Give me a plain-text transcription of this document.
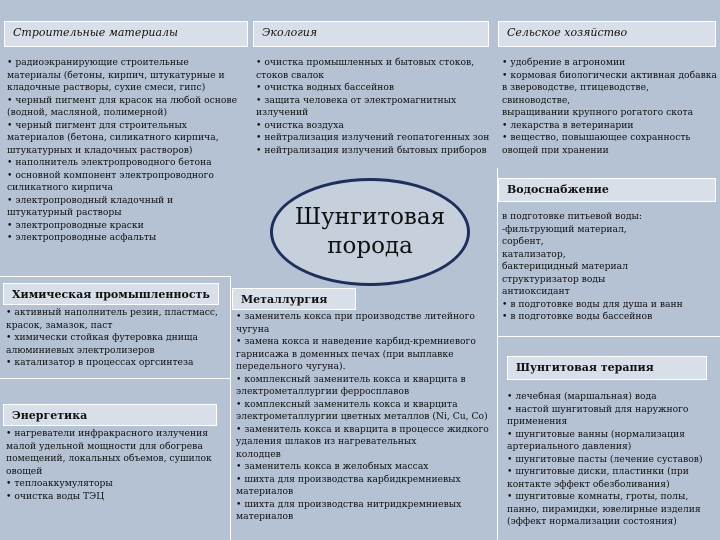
Строительные материалы
• радиоэкранирующие строительные
материалы (бетоны, кирпич, штукатурные и
кладочные растворы, сухие смеси, гипс)
• черный пигмент для красок на любой основе
(водной, масляной, полимерной)
• черный пигмент для строительных
материалов (бетона, силикатного кирпича,
штукатурных и кладочных растворов)
• наполнитель электропроводного бетона
• основной компонент электропроводного
силикатного кирпича
• электропроводный кладочный и
штукатурный растворы
• электропроводные краски
• электропроводные асфальты
Экология
• очистка промышленных и бытовых стоков,
стоков свалок
• очистка водных бассейнов
• защита человека от электромагнитных
излучений
• очистка воздуха
• нейтрализация излучений геопатогенных зон
• нейтрализация излучений бытовых приборов
Сельское хозяйство
• удобрение в агрономии
• кормовая биологически активная добавка
в звероводстве, птицеводстве, свиноводстве,
выращивании крупного рогатого скота
• лекарства в ветеринарии
• вещество, повышающее сохранность
овощей при хранении
Шунгитовая
порода
Водоснабжение
в подготовке питьевой воды:
-фильтрующий материал,
сорбент,
катализатор,
бактерицидный материал
структуризатор воды
антиоксидант
• в подготовке воды для душа и ванн
• в подготовке воды бассейнов
Химическая промышленность
• активный наполнитель резин, пластмасс,
красок, замазок, паст
• химически стойкая футеровка днища
алюминиевых электролизеров
• катализатор в процессах оргсинтеза
Металлургия
• заменитель кокса при производстве литейного
чугуна
• замена кокса и наведение карбид-кремниевого
гарнисажа в доменных печах (при выплавке
передельного чугуна).
• комплексный заменитель кокса и кварцита в
электрометаллургии ферросплавов
• комплексный заменитель кокса и кварцита
электрометаллургии цветных металлов (Ni, Cu, Co)
• заменитель кокса и кварцита в процессе жидкого
удаления шлаков из нагревательных
колодцев
• заменитель кокса в желобных массах
• шихта для производства карбидкремниевых
материалов
• шихта для производства нитридкремниевых
материалов
Энергетика
• нагреватели инфракрасного излучения
малой удельной мощности для обогрева
помещений, локальных объемов, сушилок
овощей
• теплоаккумуляторы
• очистка воды ТЭЦ
Шунгитовая терапия
• лечебная (маршальная) вода
• настой шунгитовый для наружного
применения
• шунгитовые ванны (нормализация
артериального давления)
• шунгитовые пасты (лечение суставов)
• шунгитовые диски, пластинки (при
контакте эффект обезболивания)
• шунгитовые комнаты, гроты, полы,
панно, пирамидки, ювелирные изделия
(эффект нормализации состояния)
